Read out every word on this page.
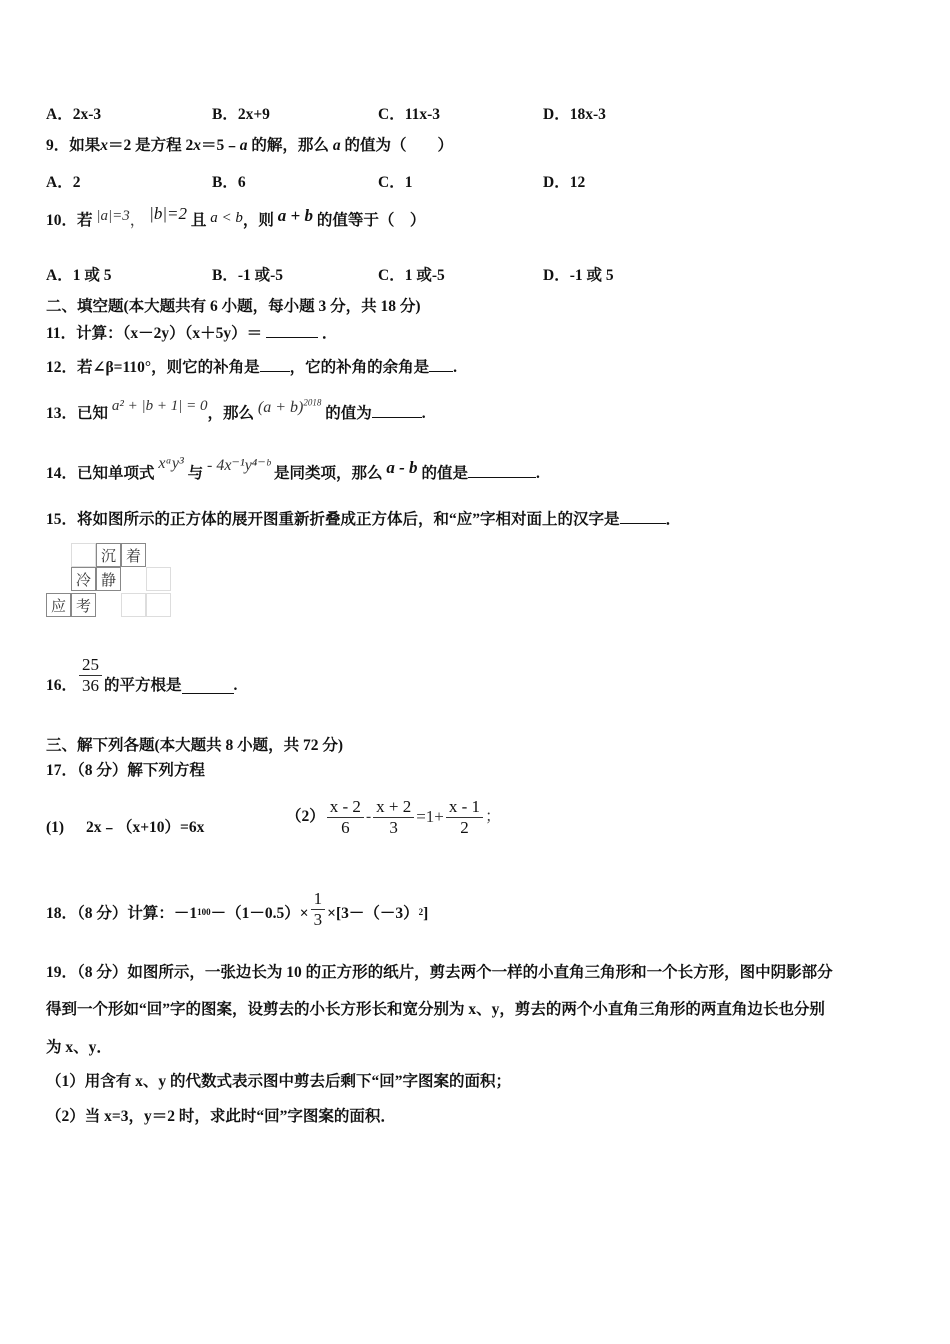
A．2x-3	B．2x+9	C．11x-3	D．18x-3
9．如果x＝2 是方程 2x＝5﹣a 的解，那么 a 的值为（　　）
A．2	B．6	C．1	D．12
10．若 |a|=3， |b|=2 且 a < b，则 a + b 的值等于（　）
A．1 或 5	B．-1 或-5	C．1 或-5	D．-1 或 5
二、填空题(本大题共有 6 小题，每小题 3 分，共 18 分)
11．计算：（x－2y）（x＋5y）＝	．
12．若∠β=110°，则它的补角是 ，它的补角的余角是 .
13．已知 a² + |b + 1| = 0，那么 $(a + b)^{2018}$ 的值为	.
14．已知单项式 xᵃy³ 与 - 4x⁻¹y⁴⁻ᵇ 是同类项，那么 a - b 的值是	.
15．将如图所示的正方体的展开图重新折叠成正方体后，和“应”字相对面上的汉字是	．
沉 着
冷 静
应 考
16． $\frac{25}{36}$ 的平方根是	.
三、解下列各题(本大题共 8 小题，共 72 分)
17．（8 分）解下列方程
(1) 2x﹣（x+10）=6x
$(2) \frac{x - 2}{6} - \frac{x + 2}{3} =1+ \frac{x - 1}{2}$ ；
18．（8 分）计算：－1 $100 -(1-0.5)\times \frac{1}{3} \times[3-(-3)$ 2 ]
19．（8 分）如图所示，一张边长为 10 的正方形的纸片，剪去两个一样的小直角三角形和一个长方形，图中阴影部分
得到一个形如“回”字的图案，设剪去的小长方形长和宽分别为 x、y，剪去的两个小直角三角形的两直角边长也分别
为 x、y．
（1）用含有 x、y 的代数式表示图中剪去后剩下“回”字图案的面积；
（2）当 x=3，y＝2 时，求此时“回”字图案的面积．
